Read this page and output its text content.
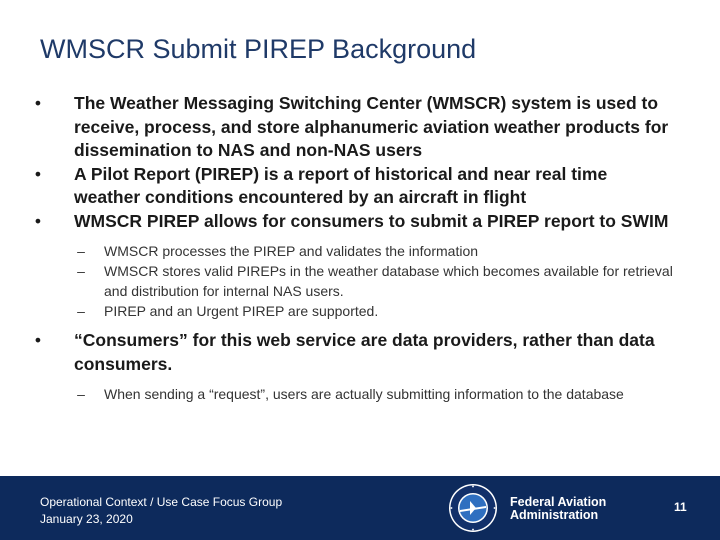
WMSCR Submit PIREP Background
•	The Weather Messaging Switching Center (WMSCR) system is used to receive, process, and store alphanumeric aviation weather products for dissemination to NAS and non-NAS users
•	A Pilot Report (PIREP) is a report of historical and near real time weather conditions encountered by an aircraft in flight
•	WMSCR PIREP allows for consumers to submit a PIREP report to SWIM
–	WMSCR processes the PIREP and validates the information
–	WMSCR stores valid PIREPs in the weather database which becomes available for retrieval and distribution for internal NAS users.
–	PIREP and an Urgent PIREP are supported.
•	“Consumers” for this web service are data providers, rather than data consumers.
–	When sending a “request”, users are actually submitting information to the database
Operational Context / Use Case Focus Group
January 23, 2020
Federal Aviation
Administration
11
